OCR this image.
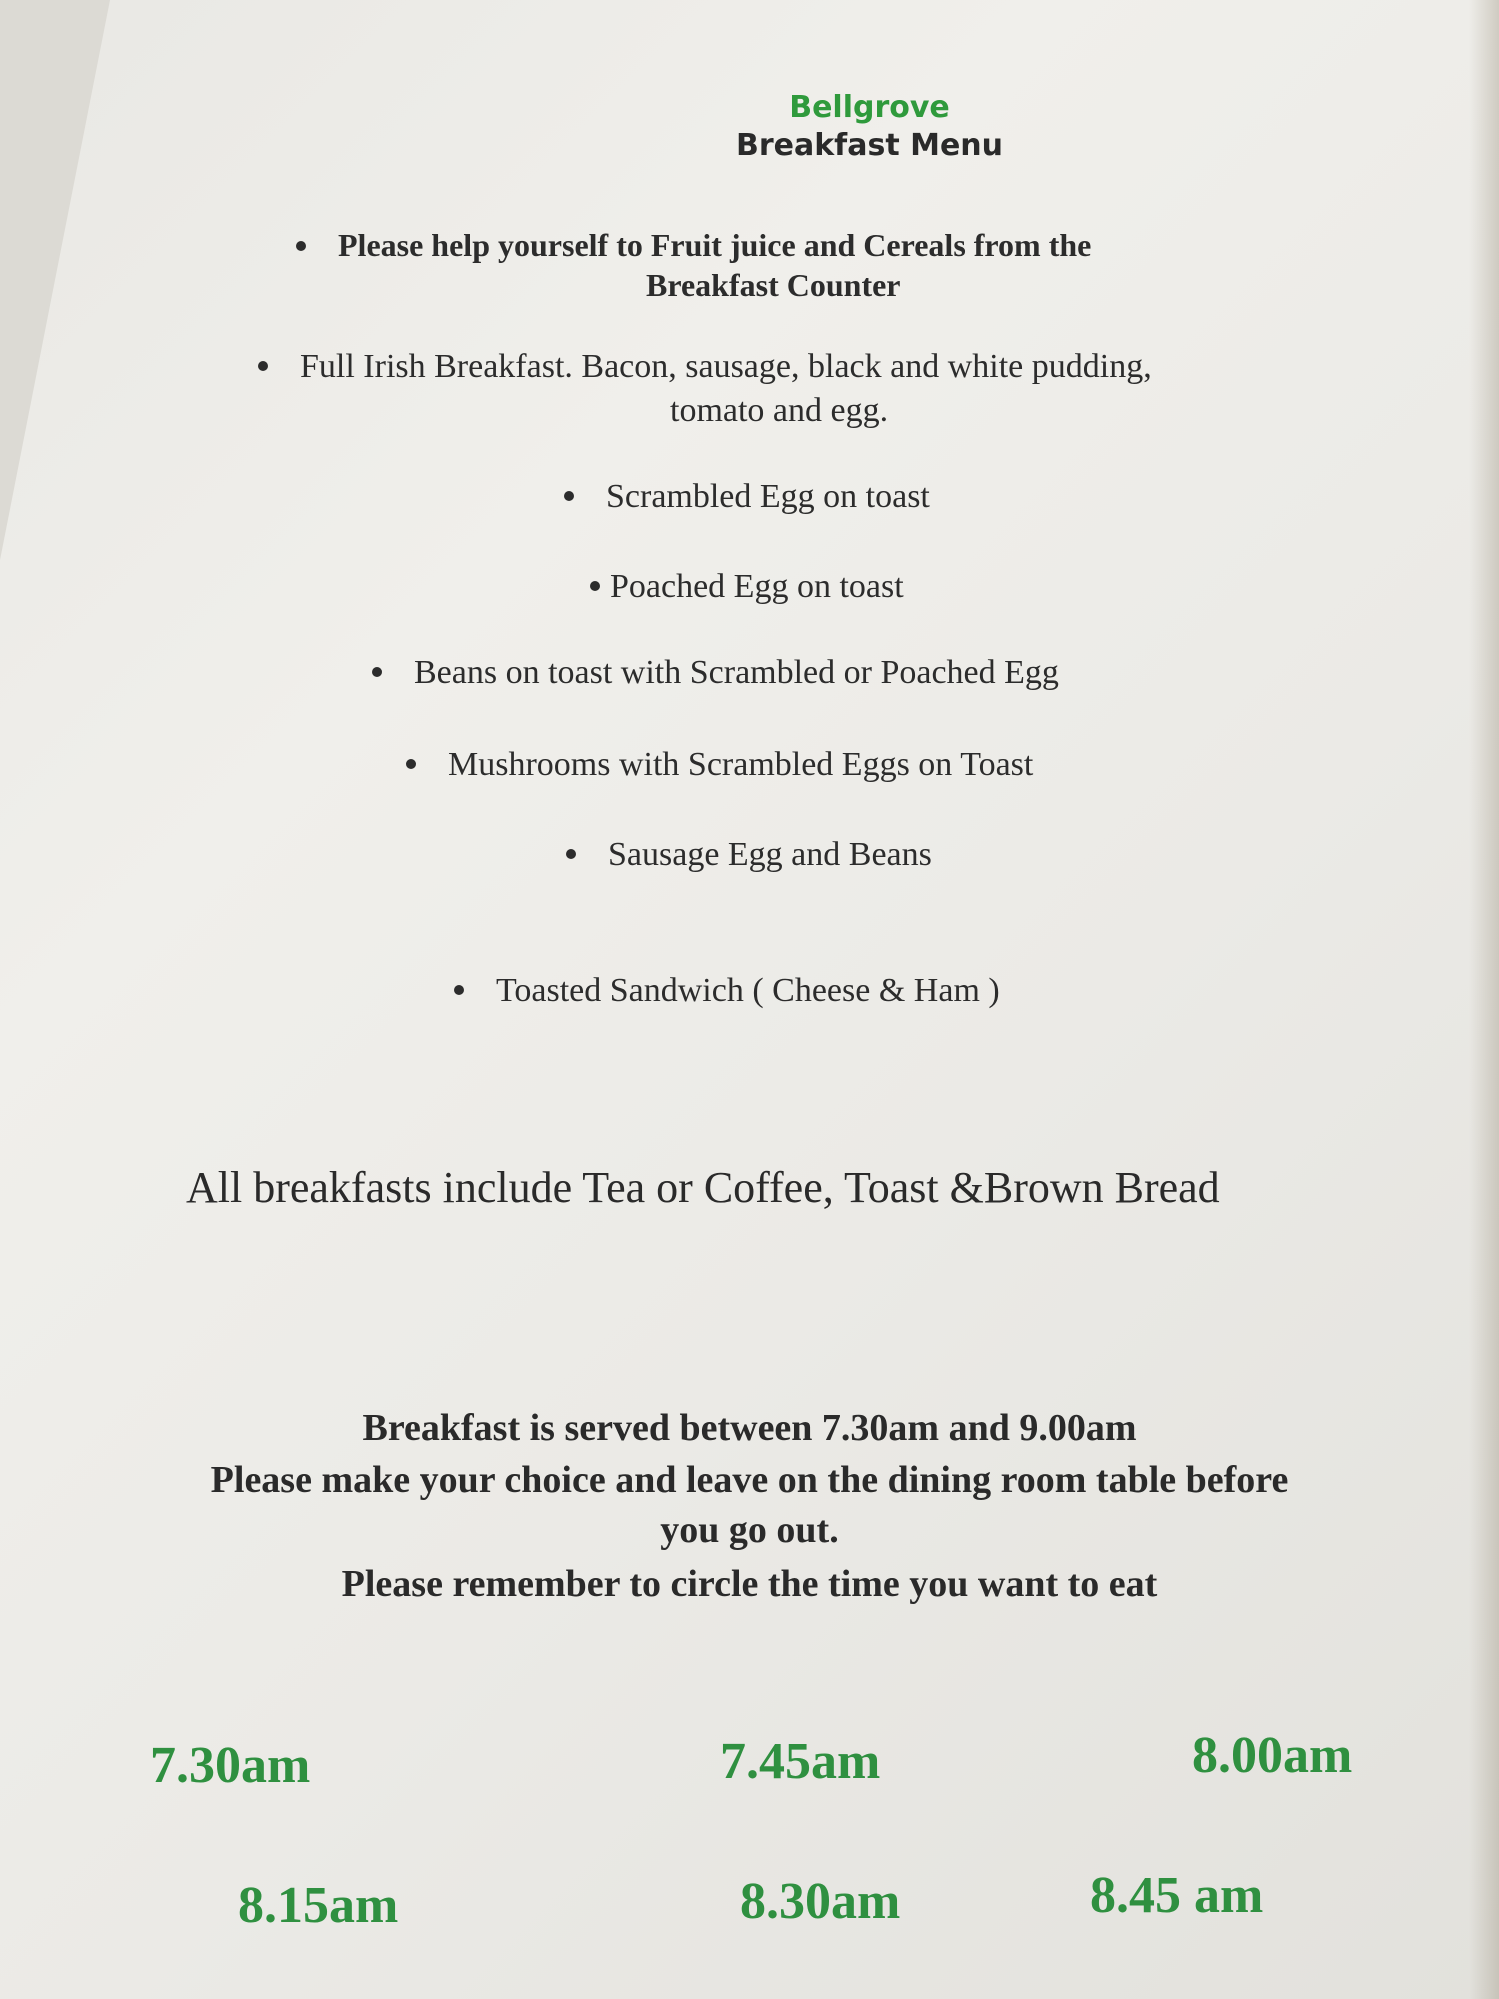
Bellgrove
Breakfast Menu
Please help yourself to Fruit juice and Cereals from the
Breakfast Counter
Full Irish Breakfast. Bacon, sausage, black and white pudding,
tomato and egg.
Scrambled Egg on toast
Poached Egg on toast
Beans on toast with Scrambled or Poached Egg
Mushrooms with Scrambled Eggs on Toast
Sausage Egg and Beans
Toasted Sandwich ( Cheese & Ham )
All breakfasts include Tea or Coffee, Toast &Brown Bread
Breakfast is served between 7.30am and 9.00am
Please make your choice and leave on the dining room table before
you go out.
Please remember to circle the time you want to eat
7.30am	7.45am	8.00am
8.15am	8.30am	8.45 am
